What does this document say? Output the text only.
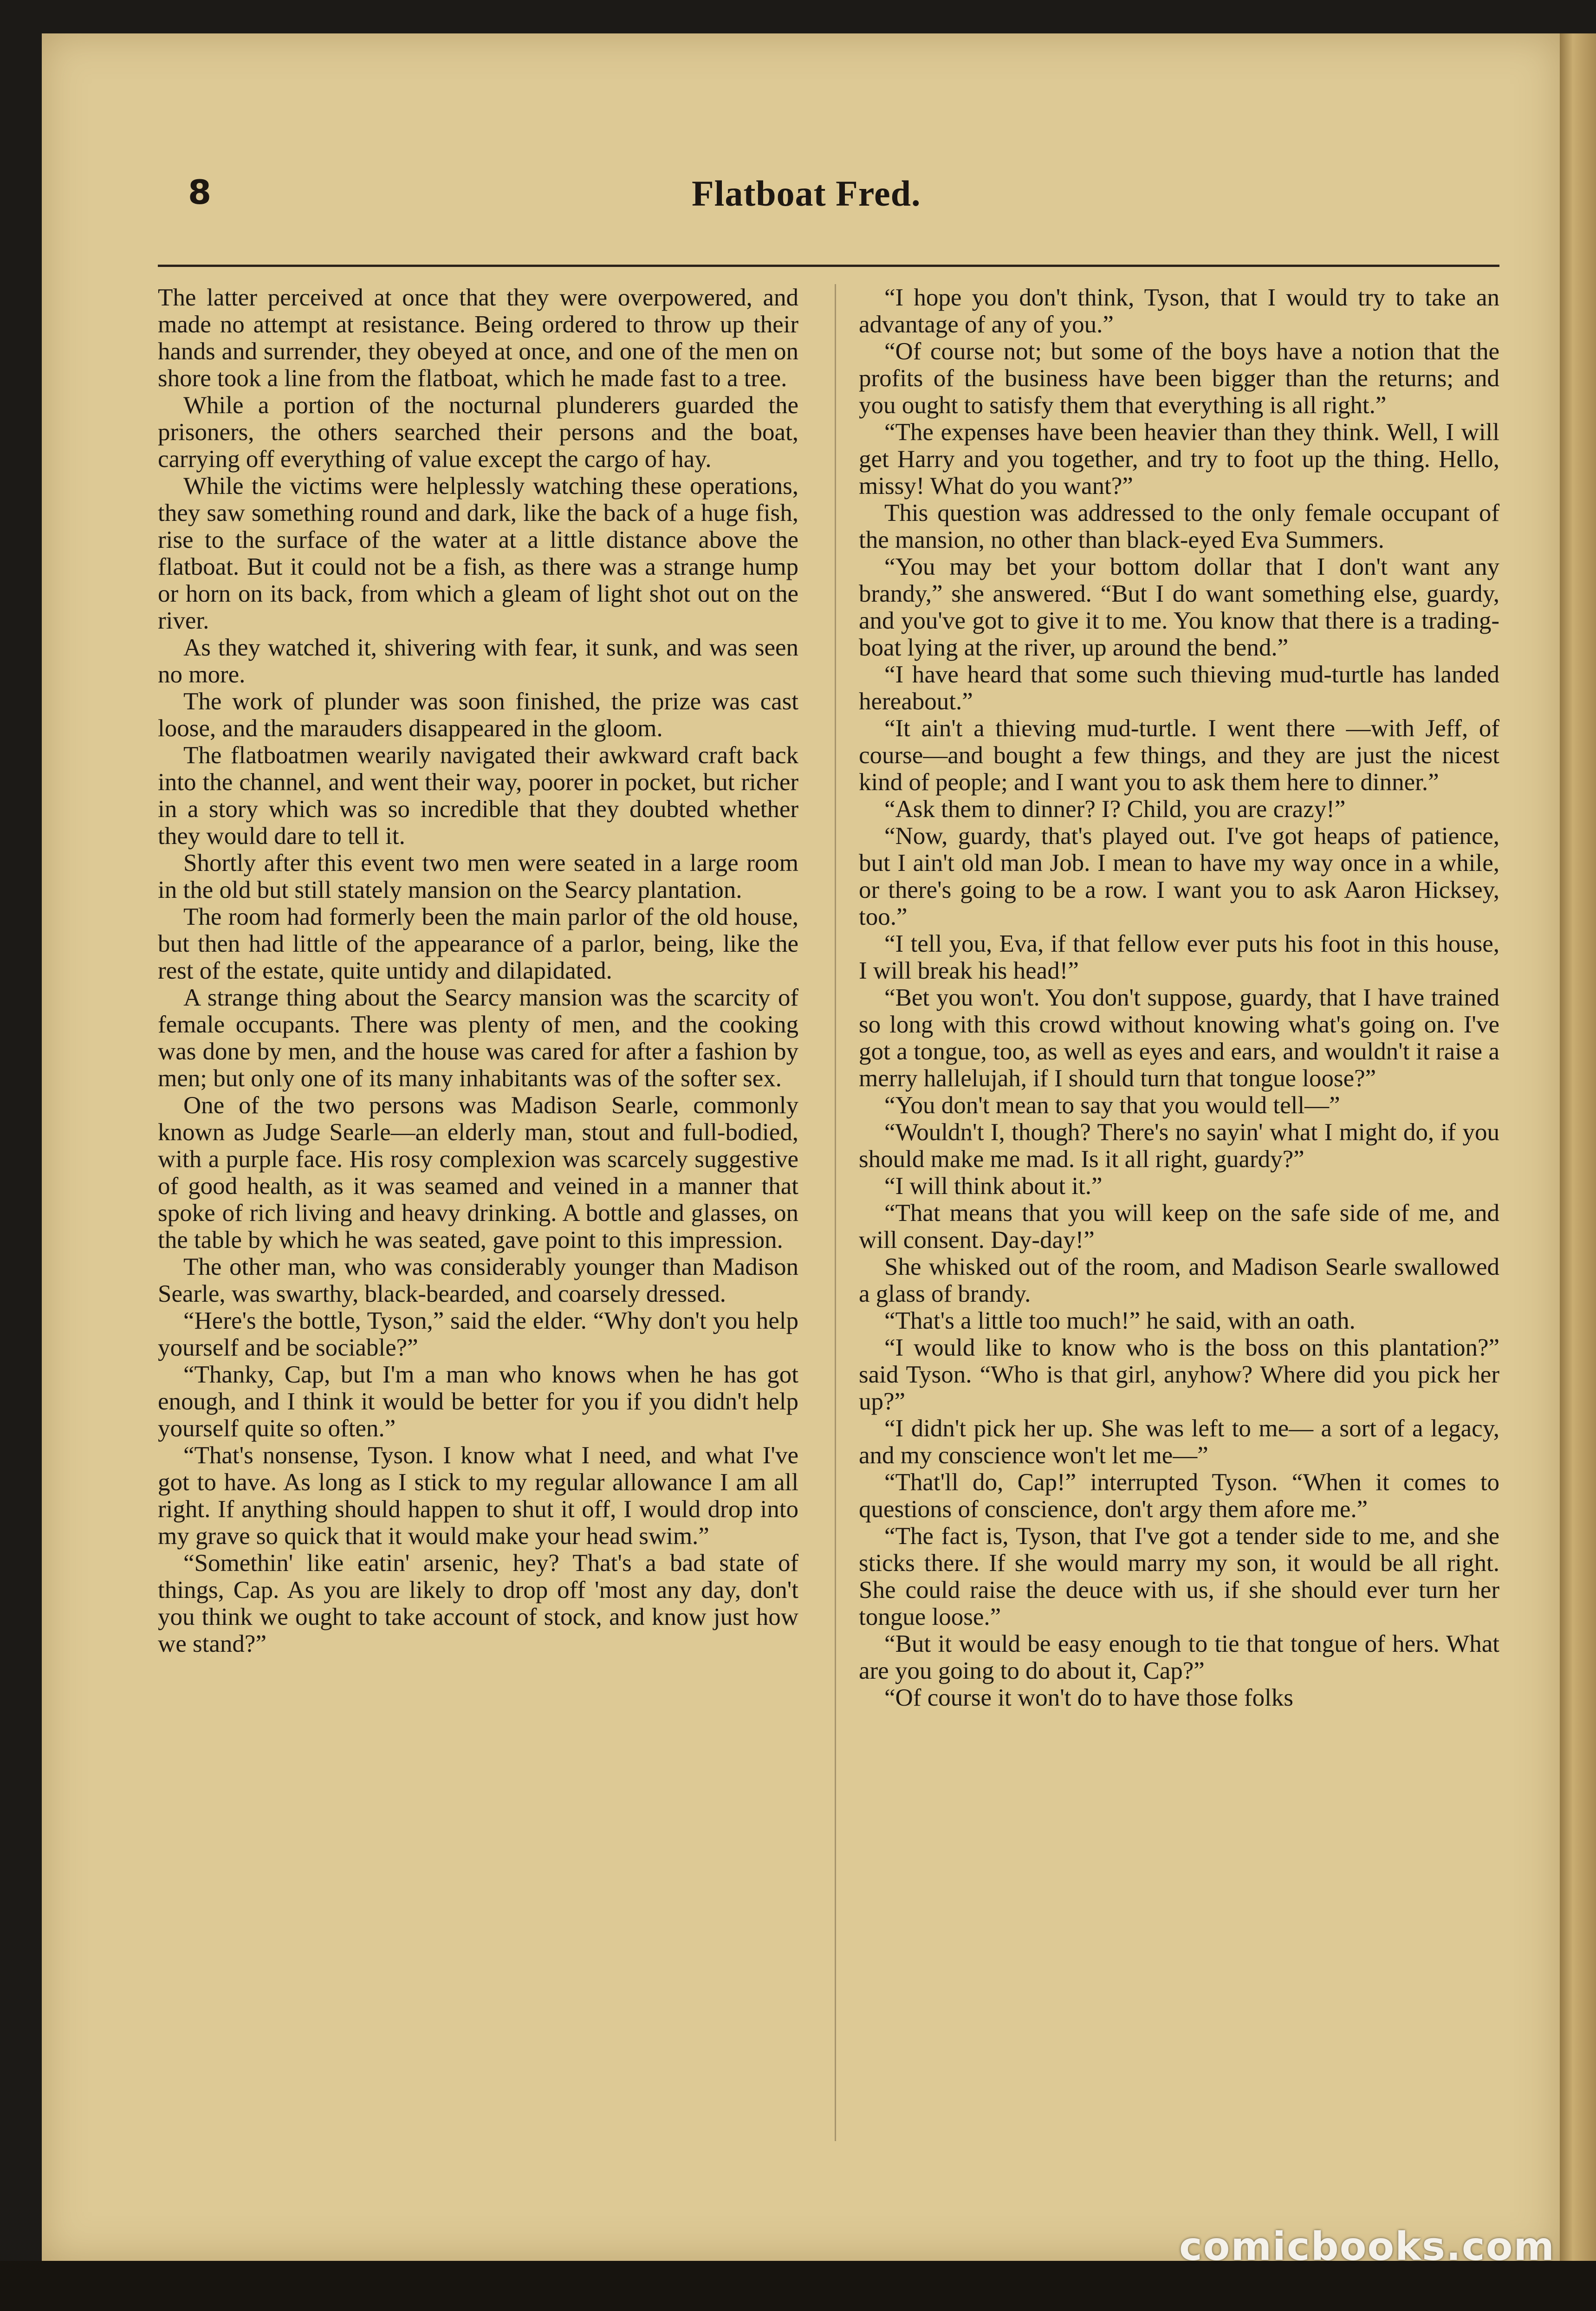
8	Flatboat Fred.

The latter perceived at once that they were overpowered, and made no attempt at resistance. Being ordered to throw up their hands and surrender, they obeyed at once, and one of the men on shore took a line from the flatboat, which he made fast to a tree.

While a portion of the nocturnal plunderers guarded the prisoners, the others searched their persons and the boat, carrying off everything of value except the cargo of hay.

While the victims were helplessly watching these operations, they saw something round and dark, like the back of a huge fish, rise to the surface of the water at a little distance above the flatboat. But it could not be a fish, as there was a strange hump or horn on its back, from which a gleam of light shot out on the river.

As they watched it, shivering with fear, it sunk, and was seen no more.

The work of plunder was soon finished, the prize was cast loose, and the marauders disappeared in the gloom.

The flatboatmen wearily navigated their awkward craft back into the channel, and went their way, poorer in pocket, but richer in a story which was so incredible that they doubted whether they would dare to tell it.

Shortly after this event two men were seated in a large room in the old but still stately mansion on the Searcy plantation.

The room had formerly been the main parlor of the old house, but then had little of the appearance of a parlor, being, like the rest of the estate, quite untidy and dilapidated.

A strange thing about the Searcy mansion was the scarcity of female occupants. There was plenty of men, and the cooking was done by men, and the house was cared for after a fashion by men; but only one of its many inhabitants was of the softer sex.

One of the two persons was Madison Searle, commonly known as Judge Searle—an elderly man, stout and full-bodied, with a purple face. His rosy complexion was scarcely suggestive of good health, as it was seamed and veined in a manner that spoke of rich living and heavy drinking. A bottle and glasses, on the table by which he was seated, gave point to this impression.

The other man, who was considerably younger than Madison Searle, was swarthy, black-bearded, and coarsely dressed.

“Here's the bottle, Tyson,” said the elder. “Why don't you help yourself and be sociable?”

“Thanky, Cap, but I'm a man who knows when he has got enough, and I think it would be better for you if you didn't help yourself quite so often.”

“That's nonsense, Tyson. I know what I need, and what I've got to have. As long as I stick to my regular allowance I am all right. If anything should happen to shut it off, I would drop into my grave so quick that it would make your head swim.”

“Somethin' like eatin' arsenic, hey? That's a bad state of things, Cap. As you are likely to drop off 'most any day, don't you think we ought to take account of stock, and know just how we stand?”

“I hope you don't think, Tyson, that I would try to take an advantage of any of you.”

“Of course not; but some of the boys have a notion that the profits of the business have been bigger than the returns; and you ought to satisfy them that everything is all right.”

“The expenses have been heavier than they think. Well, I will get Harry and you together, and try to foot up the thing. Hello, missy! What do you want?”

This question was addressed to the only female occupant of the mansion, no other than black-eyed Eva Summers.

“You may bet your bottom dollar that I don't want any brandy,” she answered. “But I do want something else, guardy, and you've got to give it to me. You know that there is a trading-boat lying at the river, up around the bend.”

“I have heard that some such thieving mud-turtle has landed hereabout.”

“It ain't a thieving mud-turtle. I went there —with Jeff, of course—and bought a few things, and they are just the nicest kind of people; and I want you to ask them here to dinner.”

“Ask them to dinner? I? Child, you are crazy!”

“Now, guardy, that's played out. I've got heaps of patience, but I ain't old man Job. I mean to have my way once in a while, or there's going to be a row. I want you to ask Aaron Hicksey, too.”

“I tell you, Eva, if that fellow ever puts his foot in this house, I will break his head!”

“Bet you won't. You don't suppose, guardy, that I have trained so long with this crowd without knowing what's going on. I've got a tongue, too, as well as eyes and ears, and wouldn't it raise a merry hallelujah, if I should turn that tongue loose?”

“You don't mean to say that you would tell—”

“Wouldn't I, though? There's no sayin' what I might do, if you should make me mad. Is it all right, guardy?”

“I will think about it.”

“That means that you will keep on the safe side of me, and will consent. Day-day!”

She whisked out of the room, and Madison Searle swallowed a glass of brandy.

“That's a little too much!” he said, with an oath.

“I would like to know who is the boss on this plantation?” said Tyson. “Who is that girl, anyhow? Where did you pick her up?”

“I didn't pick her up. She was left to me— a sort of a legacy, and my conscience won't let me—”

“That'll do, Cap!” interrupted Tyson. “When it comes to questions of conscience, don't argy them afore me.”

“The fact is, Tyson, that I've got a tender side to me, and she sticks there. If she would marry my son, it would be all right. She could raise the deuce with us, if she should ever turn her tongue loose.”

“But it would be easy enough to tie that tongue of hers. What are you going to do about it, Cap?”

“Of course it won't do to have those folks

comicbooks.com
